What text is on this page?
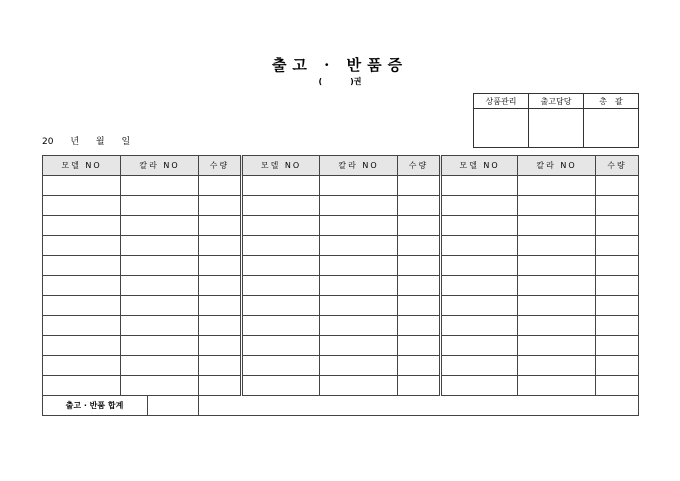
출고 · 반품증
(	)권
20 년 월 일
상품관리	출고담당	총　괄

모델 NO	칼라 NO	수량	모델 NO	칼라 NO	수량	모델 NO	칼라 NO	수량

출고 · 반품 합계								
